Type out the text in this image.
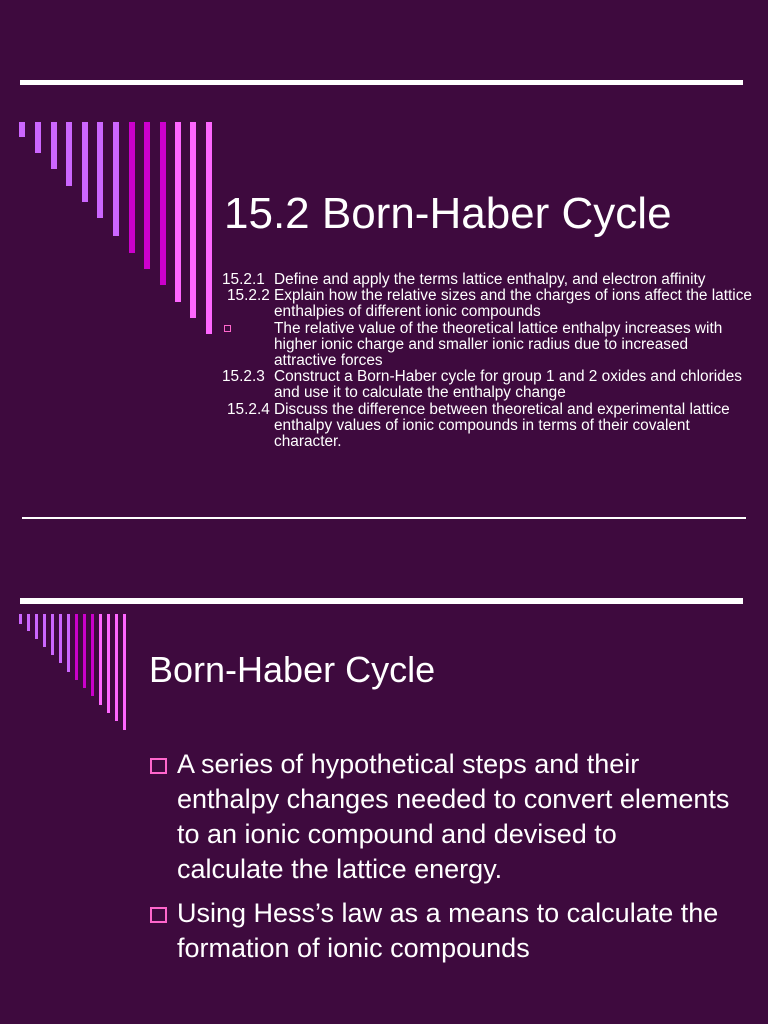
15.2 Born-Haber Cycle
15.2.1 Define and apply the terms lattice enthalpy, and electron affinity
15.2.2 Explain how the relative sizes and the charges of ions affect the lattice enthalpies of different ionic compounds
The relative value of the theoretical lattice enthalpy increases with higher ionic charge and smaller ionic radius due to increased attractive forces
15.2.3 Construct a Born-Haber cycle for group 1 and 2 oxides and chlorides and use it to calculate the enthalpy change
15.2.4 Discuss the difference between theoretical and experimental lattice enthalpy values of ionic compounds in terms of their covalent character.
Born-Haber Cycle
A series of hypothetical steps and their enthalpy changes needed to convert elements to an ionic compound and devised to calculate the lattice energy.
Using Hess’s law as a means to calculate the formation of ionic compounds
